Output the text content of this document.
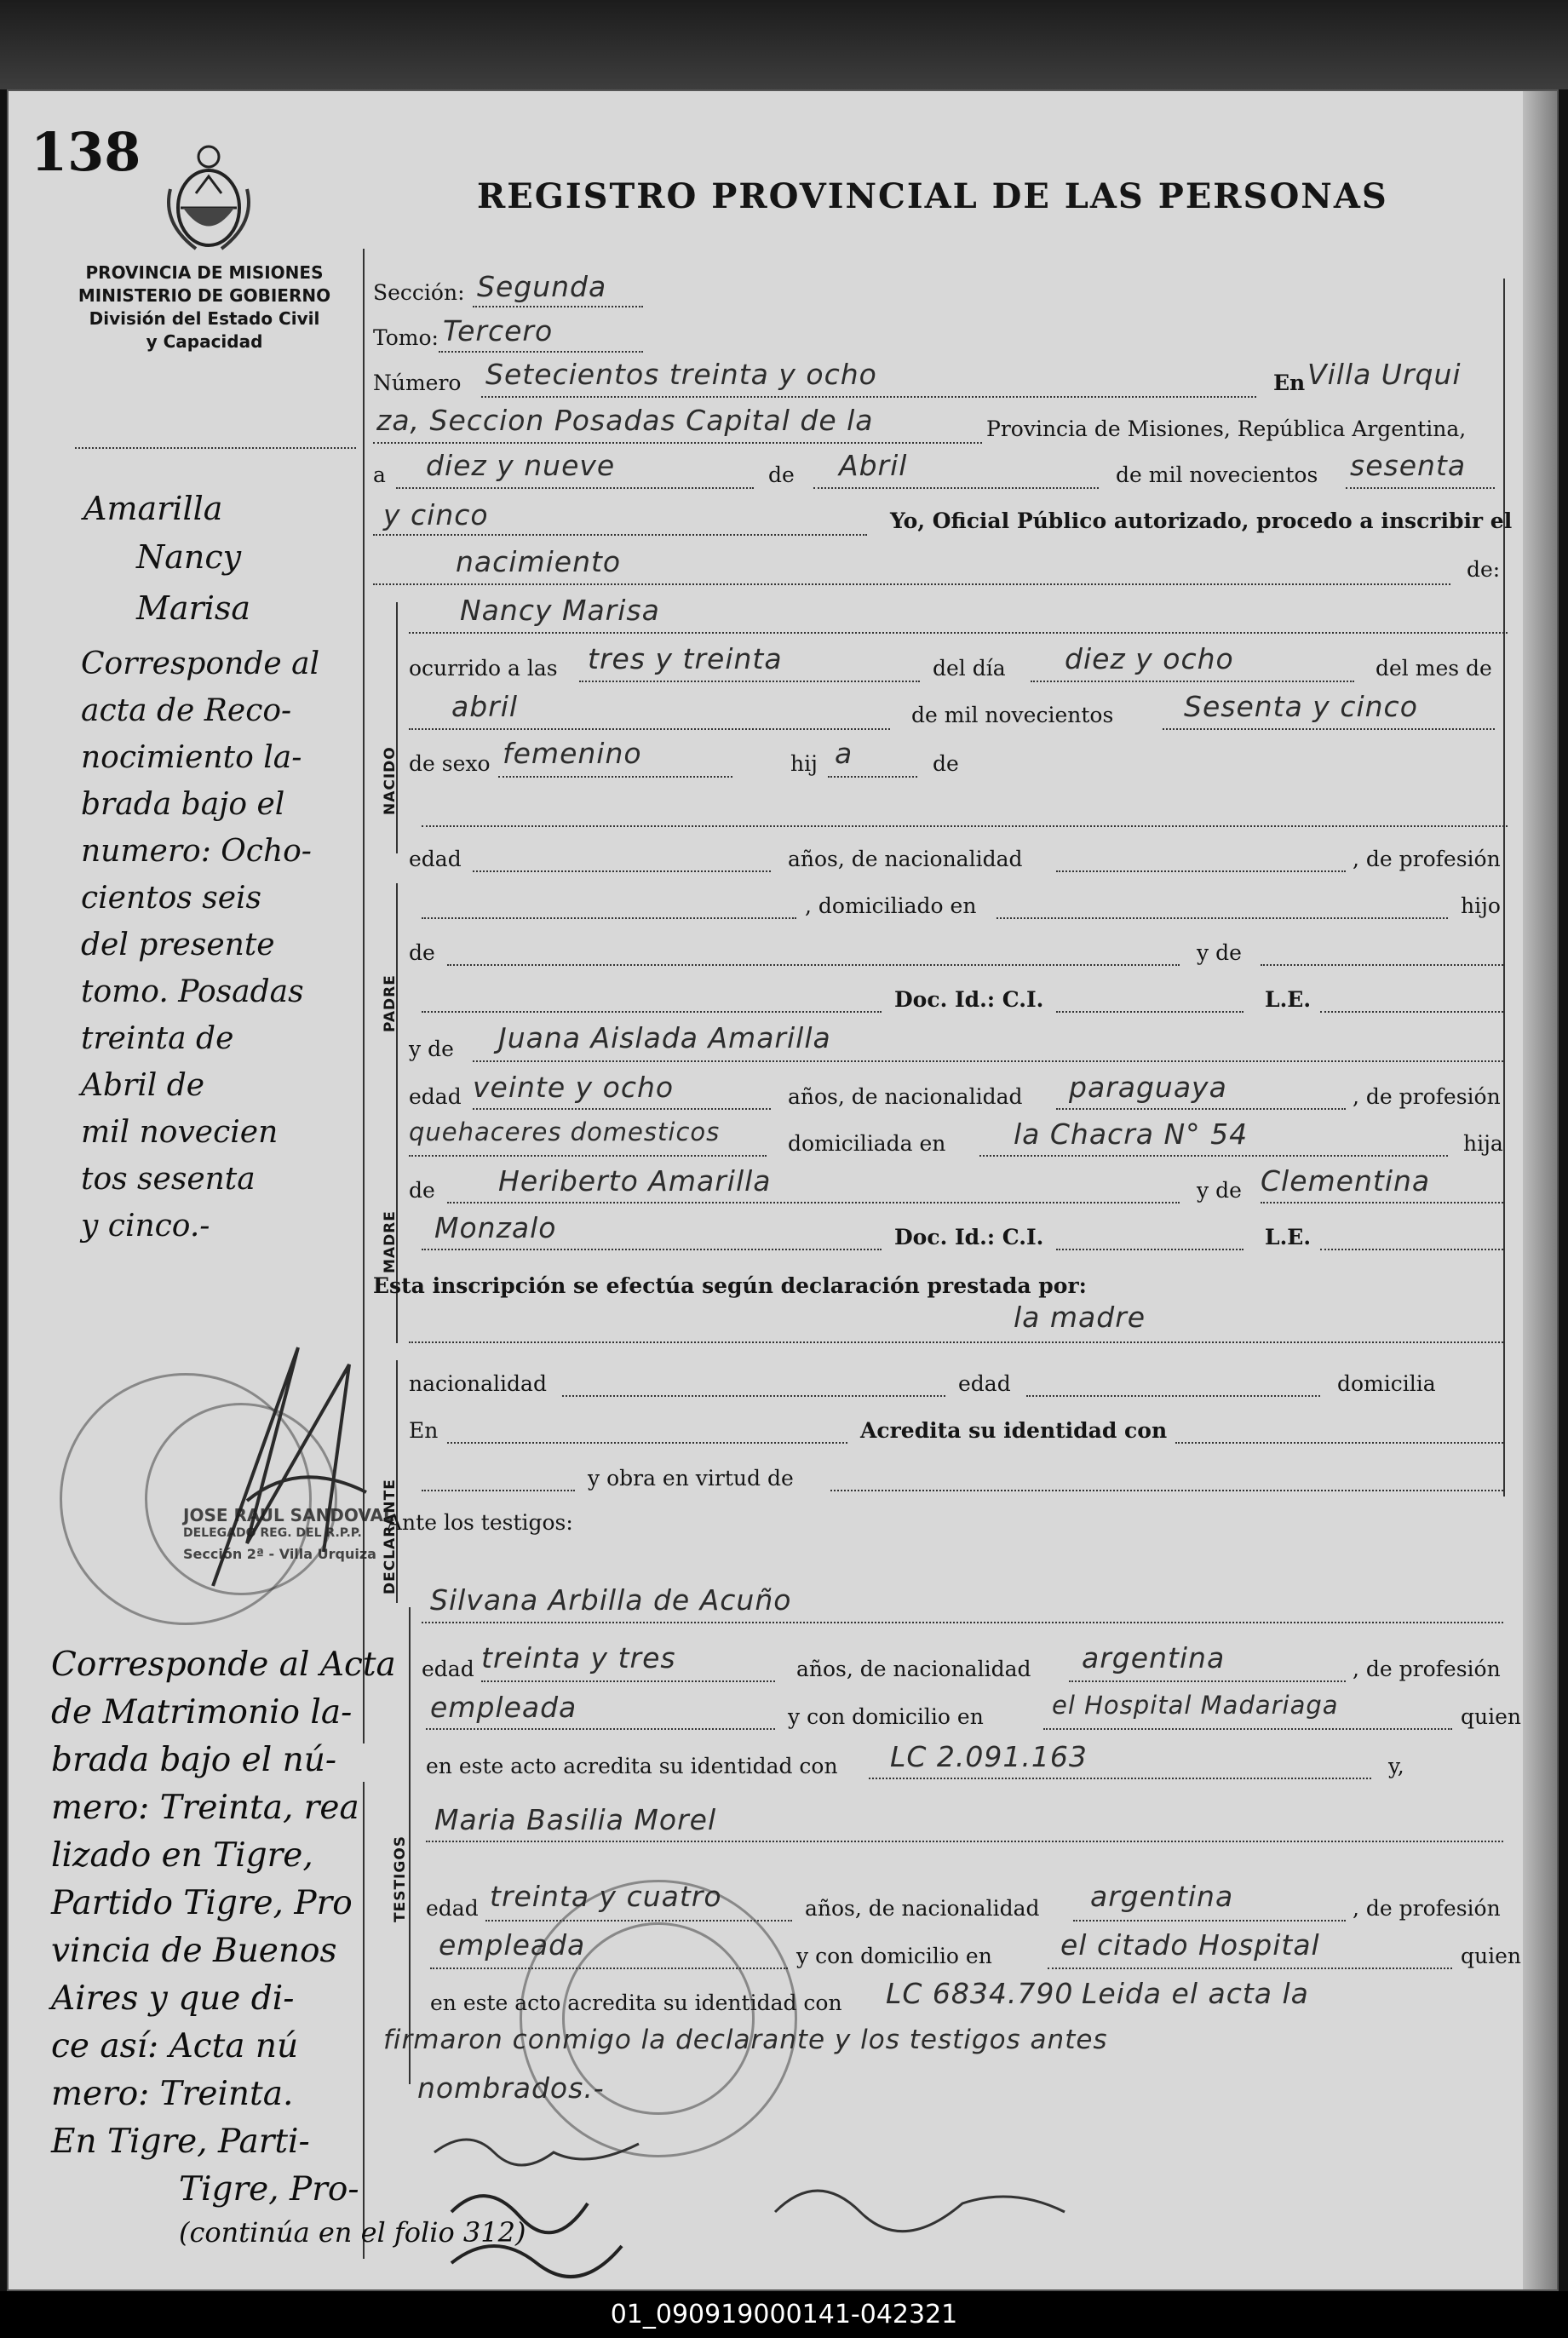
138
REGISTRO PROVINCIAL DE LAS PERSONAS
PROVINCIA DE MISIONES
MINISTERIO DE GOBIERNO
División del Estado Civil
y Capacidad
Sección: Segunda
Tomo: Tercero
Número Setecientos treinta y ocho	En Villa Urqui
za, Seccion Posadas Capital de la	Provincia de Misiones, República Argentina,
a diez y nueve	de Abril	de mil novecientos sesenta
y cinco	Yo, Oficial Público autorizado, procedo a inscribir el
nacimiento	de:
NACIDO
Nancy Marisa
ocurrido a las tres y treinta	del día diez y ocho	del mes de
abril	de mil novecientos	Sesenta y cinco
de sexo femenino	hij a	de
PADRE
edad	años, de nacionalidad	, de profesión
, domiciliado en	hijo
de	y de
Doc. Id.: C.I.	L.E.
MADRE
y de Juana Aislada Amarilla
edad veinte y ocho	años, de nacionalidad paraguaya	, de profesión
quehaceres domesticos	domiciliada en la Chacra N° 54	hija
de Heriberto Amarilla	y de Clementina
Monzalo	Doc. Id.: C.I.	L.E.
Esta inscripción se efectúa según declaración prestada por:
la madre
DECLARANTE
nacionalidad	edad	domicilia
En	Acredita su identidad con
y obra en virtud de
Ante los testigos:
TESTIGOS
Silvana Arbilla de Acuño
edad treinta y tres	años, de nacionalidad argentina	, de profesión
empleada	y con domicilio en	el Hospital Madariaga	quien
en este acto acredita su identidad con LC 2.091.163	y,
Maria Basilia Morel
edad treinta y cuatro	años, de nacionalidad argentina	, de profesión
empleada	y con domicilio en el citado Hospital	quien
en este acto acredita su identidad con LC 6834.790 Leida el acta la
firmaron conmigo la declarante y los testigos antes
nombrados.-
Amarilla
Nancy
Marisa
Corresponde al
acta de Reco-
nocimiento la-
brada bajo el
numero: Ocho-
cientos seis
del presente
tomo. Posadas
treinta de
Abril de
mil novecien
tos sesenta
y cinco.-
JOSE RAUL SANDOVAL
DELEGADO REG. DEL R.P.P.
Sección 2ª - Villa Urquiza
Corresponde al Acta
de Matrimonio la-
brada bajo el nú-
mero: Treinta, rea
lizado en Tigre,
Partido Tigre, Pro
vincia de Buenos
Aires y que di-
ce así: Acta nú
mero: Treinta.
En Tigre, Parti-
Tigre, Pro-
(continúa en el folio 312)
01_090919000141-042321
